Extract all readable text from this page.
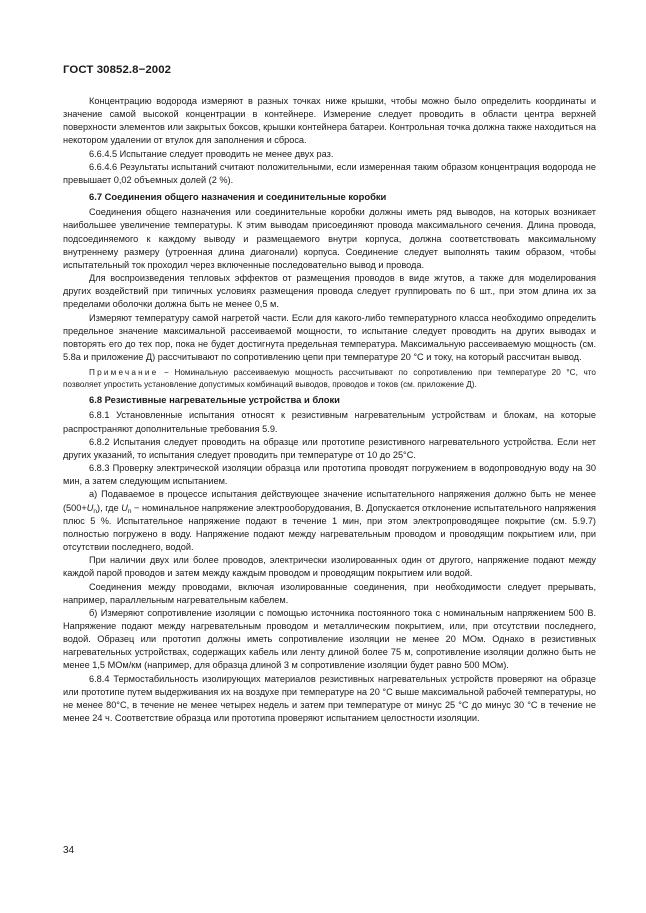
ГОСТ 30852.8−2002

Концентрацию водорода измеряют в разных точках ниже крышки, чтобы можно было определить координаты и значение самой высокой концентрации в контейнере. Измерение следует проводить в области центра верхней поверхности элементов или закрытых боксов, крышки контейнера батареи. Контрольная точка должна также находиться на некотором удалении от втулок для заполнения и сброса.

6.6.4.5 Испытание следует проводить не менее двух раз.

6.6.4.6 Результаты испытаний считают положительными, если измеренная таким образом концентрация водорода не превышает 0,02 объемных долей (2 %).

6.7 Соединения общего назначения и соединительные коробки

Соединения общего назначения или соединительные коробки должны иметь ряд выводов, на которых возникает наибольшее увеличение температуры. К этим выводам присоединяют провода максимального сечения. Длина провода, подсоединяемого к каждому выводу и размещаемого внутри корпуса, должна соответствовать максимальному внутреннему размеру (утроенная длина диагонали) корпуса. Соединение следует выполнять таким образом, чтобы испытательный ток проходил через включенные последовательно вывод и провода.

Для воспроизведения тепловых эффектов от размещения проводов в виде жгутов, а также для моделирования других воздействий при типичных условиях размещения провода следует группировать по 6 шт., при этом длина их за пределами оболочки должна быть не менее 0,5 м.

Измеряют температуру самой нагретой части. Если для какого-либо температурного класса необходимо определить предельное значение максимальной рассеиваемой мощности, то испытание следует проводить на других выводах и повторять его до тех пор, пока не будет достигнута предельная температура. Максимальную рассеиваемую мощность (см. 5.8а и приложение Д) рассчитывают по сопротивлению цепи при температуре 20 °С и току, на который рассчитан вывод.

Примечание − Номинальную рассеиваемую мощность рассчитывают по сопротивлению при температуре 20 °С, что позволяет упростить установление допустимых комбинаций выводов, проводов и токов (см. приложение Д).

6.8 Резистивные нагревательные устройства и блоки

6.8.1 Установленные испытания относят к резистивным нагревательным устройствам и блокам, на которые распространяют дополнительные требования 5.9.

6.8.2 Испытания следует проводить на образце или прототипе резистивного нагревательного устройства. Если нет других указаний, то испытания следует проводить при температуре от 10 до 25°С.

6.8.3 Проверку электрической изоляции образца или прототипа проводят погружением в водопроводную воду на 30 мин, а затем следующим испытанием.

а) Подаваемое в процессе испытания действующее значение испытательного напряжения должно быть не менее $(500+U_n)$, где $U_n$ − номинальное напряжение электрооборудования, В. Допускается отклонение испытательного напряжения плюс 5 %. Испытательное напряжение подают в течение 1 мин, при этом электропроводящее покрытие (см. 5.9.7) полностью погружено в воду. Напряжение подают между нагревательным проводом и проводящим покрытием или, при отсутствии последнего, водой.

При наличии двух или более проводов, электрически изолированных один от другого, напряжение подают между каждой парой проводов и затем между каждым проводом и проводящим покрытием или водой.

Соединения между проводами, включая изолированные соединения, при необходимости следует прерывать, например, параллельным нагревательным кабелем.

б) Измеряют сопротивление изоляции с помощью источника постоянного тока с номинальным напряжением 500 В. Напряжение подают между нагревательным проводом и металлическим покрытием, или, при отсутствии последнего, водой. Образец или прототип должны иметь сопротивление изоляции не менее 20 МОм. Однако в резистивных нагревательных устройствах, содержащих кабель или ленту длиной более 75 м, сопротивление изоляции должно быть не менее 1,5 МОм/км (например, для образца длиной 3 м сопротивление изоляции будет равно 500 МОм).

6.8.4 Термостабильность изолирующих материалов резистивных нагревательных устройств проверяют на образце или прототипе путем выдерживания их на воздухе при температуре на 20 °С выше максимальной рабочей температуры, но не менее 80°С, в течение не менее четырех недель и затем при температуре от минус 25 °С до минус 30 °С в течение не менее 24 ч. Соответствие образца или прототипа проверяют испытанием целостности изоляции.

34
